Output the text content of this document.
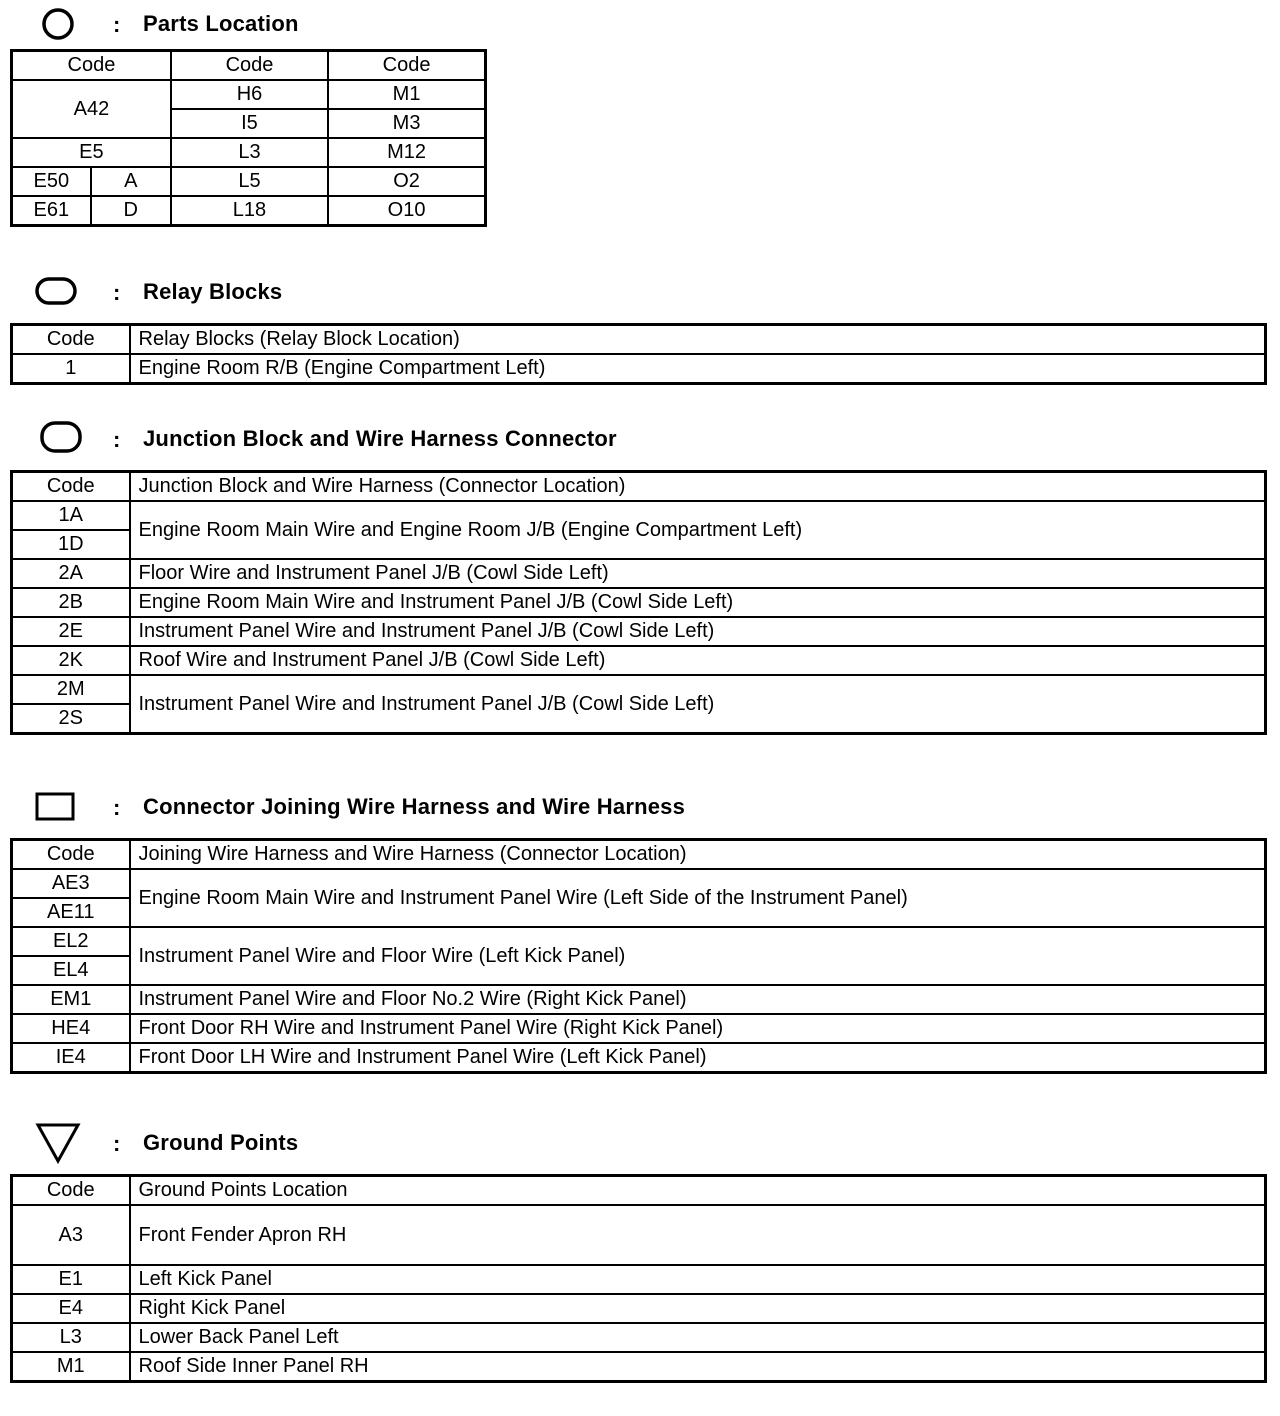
: Parts Location
Code		Code	Code
A42		H6	M1
		I5	M3
E5		L3	M12
E50	A	L5	O2
E61	D	L18	O10
: Relay Blocks
Code	Relay Blocks (Relay Block Location)
1	Engine Room R/B (Engine Compartment Left)
: Junction Block and Wire Harness Connector
Code	Junction Block and Wire Harness (Connector Location)
1A	Engine Room Main Wire and Engine Room J/B (Engine Compartment Left)
1D	
2A	Floor Wire and Instrument Panel J/B (Cowl Side Left)
2B	Engine Room Main Wire and Instrument Panel J/B (Cowl Side Left)
2E	Instrument Panel Wire and Instrument Panel J/B (Cowl Side Left)
2K	Roof Wire and Instrument Panel J/B (Cowl Side Left)
2M	Instrument Panel Wire and Instrument Panel J/B (Cowl Side Left)
2S	
: Connector Joining Wire Harness and Wire Harness
Code	Joining Wire Harness and Wire Harness (Connector Location)
AE3	Engine Room Main Wire and Instrument Panel Wire (Left Side of the Instrument Panel)
AE11	
EL2	Instrument Panel Wire and Floor Wire (Left Kick Panel)
EL4	
EM1	Instrument Panel Wire and Floor No.2 Wire (Right Kick Panel)
HE4	Front Door RH Wire and Instrument Panel Wire (Right Kick Panel)
IE4	Front Door LH Wire and Instrument Panel Wire (Left Kick Panel)
: Ground Points
Code	Ground Points Location
A3	Front Fender Apron RH
E1	Left Kick Panel
E4	Right Kick Panel
L3	Lower Back Panel Left
M1	Roof Side Inner Panel RH
